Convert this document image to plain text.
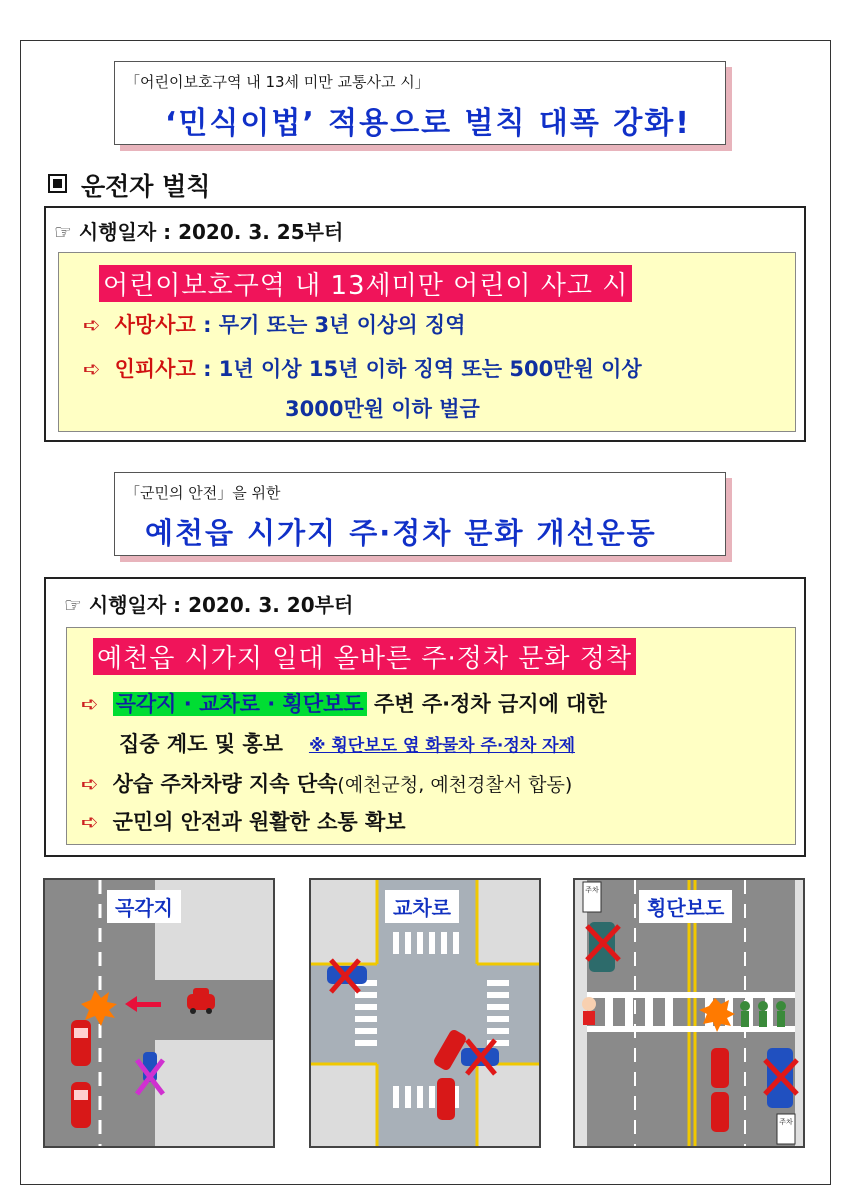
「어린이보호구역 내 13세 미만 교통사고 시」
‘민식이법’ 적용으로 벌칙 대폭 강화!
운전자 벌칙
☞ 시행일자 : 2020. 3. 25부터
어린이보호구역 내 13세미만 어린이 사고 시
➪ 사망사고 : 무기 또는 3년 이상의 징역
➪ 인피사고 : 1년 이상 15년 이하 징역 또는 500만원 이상
3000만원 이하 벌금
「군민의 안전」을 위한
예천읍 시가지 주·정차 문화 개선운동
☞ 시행일자 : 2020. 3. 20부터
예천읍 시가지 일대 올바른 주·정차 문화 정착
➪ 곡각지 · 교차로 · 횡단보도 주변 주·정차 금지에 대한
집중 계도 및 홍보 ※ 횡단보도 옆 화물차 주·정차 자제
➪ 상습 주차차량 지속 단속(예천군청, 예천경찰서 합동)
➪ 군민의 안전과 원활한 소통 확보
곡각지	교차로	횡단보도
주차
주차
